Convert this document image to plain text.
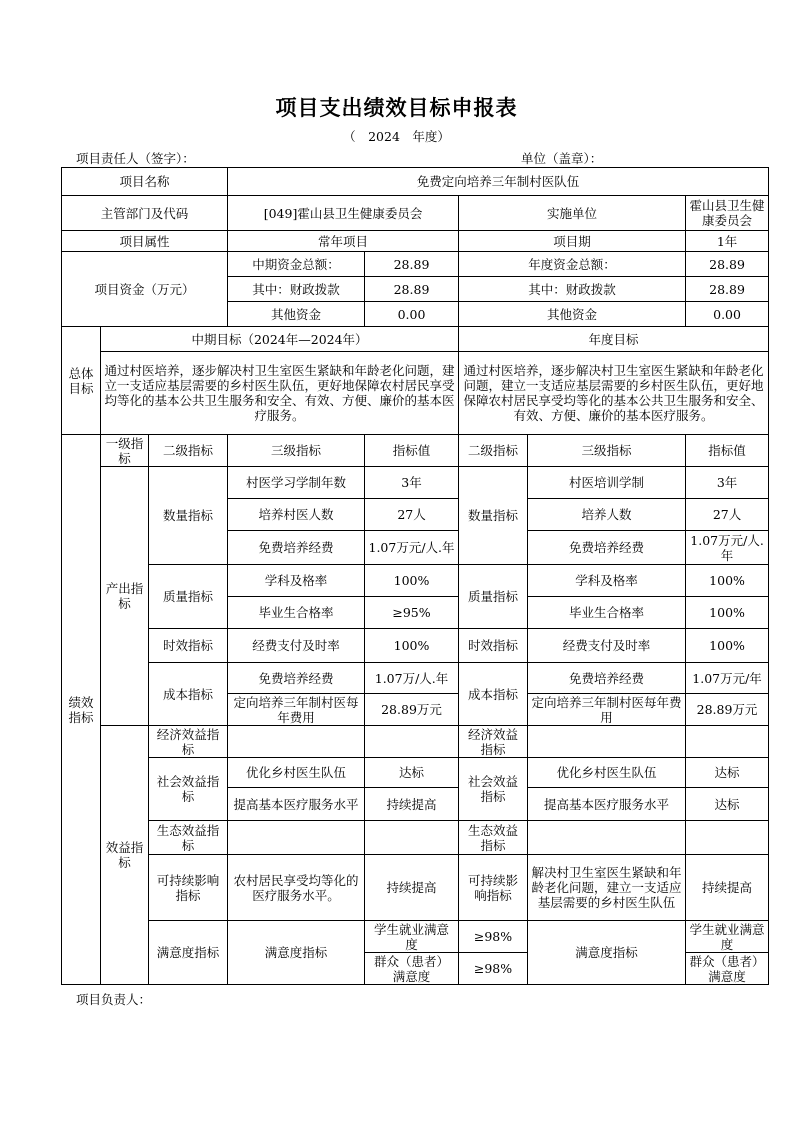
项目支出绩效目标申报表
（　2024　年度）
项目责任人（签字）：	单位（盖章）：
项目名称			免费定向培养三年制村医队伍					
主管部门及代码			[049]霍山县卫生健康委员会		实施单位		霍山县卫生健康委员会	
项目属性			常年项目		项目期		1年	
项目资金（万元）			中期资金总额：	28.89	年度资金总额：		28.89	
			其中：财政拨款	28.89	其中：财政拨款		28.89	
			其他资金	0.00	其他资金		0.00	
总体目标	中期目标（2024年—2024年）				年度目标			
	通过村医培养，逐步解决村卫生室医生紧缺和年龄老化问题，建立一支适应基层需要的乡村医生队伍，更好地保障农村居民享受均等化的基本公共卫生服务和安全、有效、方便、廉价的基本医疗服务。				通过村医培养，逐步解决村卫生室医生紧缺和年龄老化问题，建立一支适应基层需要的乡村医生队伍，更好地保障农村居民享受均等化的基本公共卫生服务和安全、有效、方便、廉价的基本医疗服务。			
绩效指标	一级指标	二级指标	三级指标	指标值	二级指标	三级指标	指标值	
	产出指标	数量指标	村医学习学制年数	3年	数量指标	村医培训学制	3年	
			培养村医人数	27人		培养人数	27人	
			免费培养经费	1.07万元/人.年		免费培养经费	1.07万元/人.年	
		质量指标	学科及格率	100%	质量指标	学科及格率	100%	
			毕业生合格率	≥95%		毕业生合格率	100%	
		时效指标	经费支付及时率	100%	时效指标	经费支付及时率	100%	
		成本指标	免费培养经费	1.07万/人.年	成本指标	免费培养经费	1.07万元/年	
			定向培养三年制村医每年费用	28.89万元		定向培养三年制村医每年费用	28.89万元	
	效益指标	经济效益指标			经济效益指标			
		社会效益指标	优化乡村医生队伍	达标	社会效益指标	优化乡村医生队伍	达标	
			提高基本医疗服务水平	持续提高		提高基本医疗服务水平	达标	
		生态效益指标			生态效益指标			
		可持续影响指标	农村居民享受均等化的医疗服务水平。	持续提高	可持续影响指标	解决村卫生室医生紧缺和年龄老化问题，建立一支适应基层需要的乡村医生队伍	持续提高	
		满意度指标	满意度指标	学生就业满意度	≥98%	满意度指标	学生就业满意度	
				群众（患者）满意度	≥98%		群众（患者）满意度	
项目负责人：
